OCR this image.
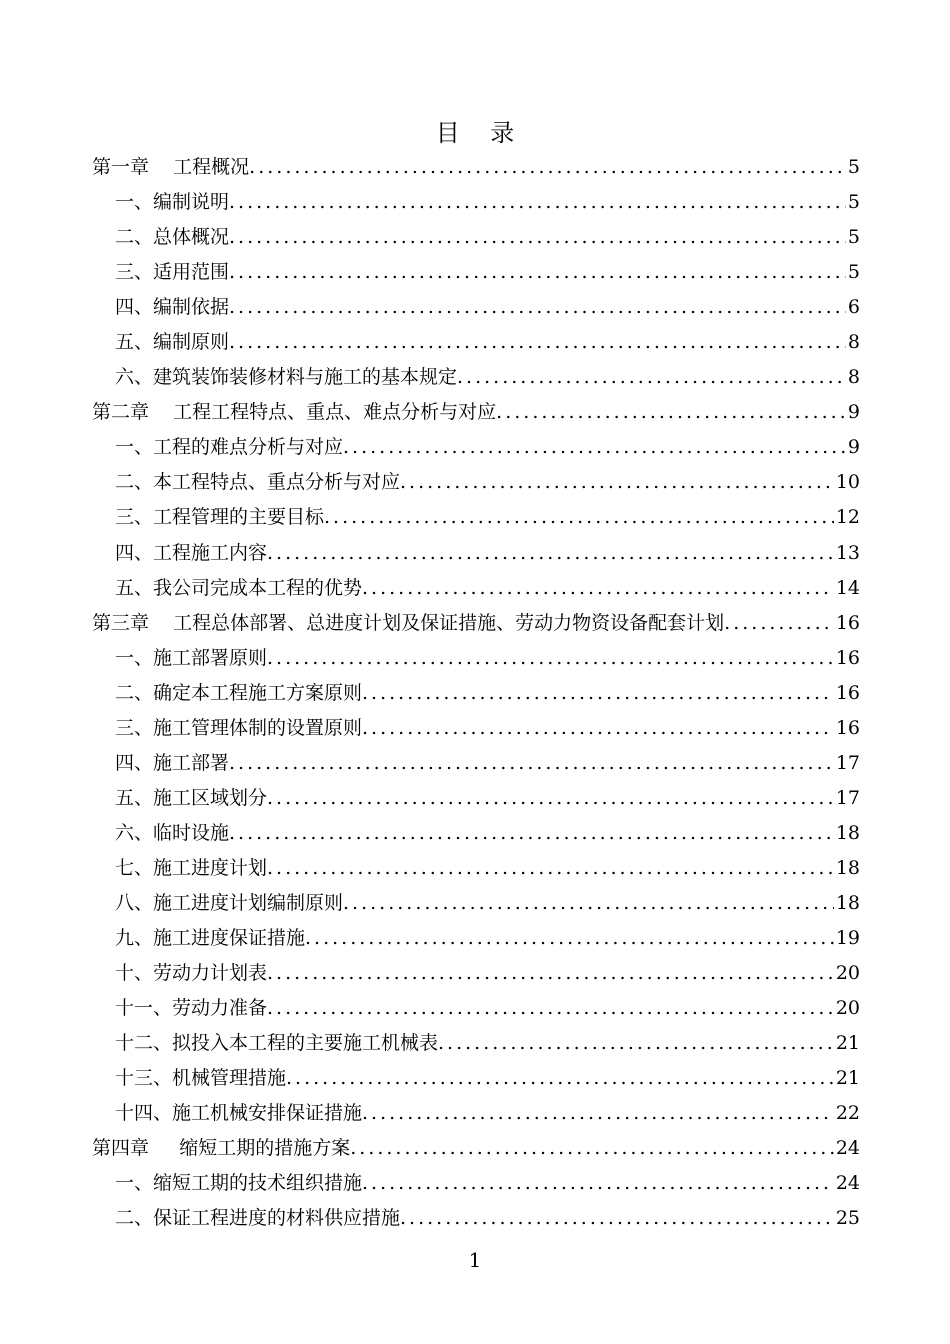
目    录
第一章    工程概况 .....	5
一、编制说明 .....	5
二、总体概况 .....	5
三、适用范围 .....	5
四、编制依据 .....	6
五、编制原则 .....	8
六、建筑装饰装修材料与施工的基本规定 .....	8
第二章    工程工程特点、重点、难点分析与对应 .....	9
一、工程的难点分析与对应 .....	9
二、本工程特点、重点分析与对应 .....	10
三、工程管理的主要目标 .....	12
四、工程施工内容 .....	13
五、我公司完成本工程的优势 .....	14
第三章    工程总体部署、总进度计划及保证措施、劳动力物资设备配套计划 .....	16
一、施工部署原则 .....	16
二、确定本工程施工方案原则 .....	16
三、施工管理体制的设置原则 .....	16
四、施工部署 .....	17
五、施工区域划分 .....	17
六、临时设施 .....	18
七、施工进度计划 .....	18
八、施工进度计划编制原则 .....	18
九、施工进度保证措施 .....	19
十、劳动力计划表 .....	20
十一、劳动力准备 .....	20
十二、拟投入本工程的主要施工机械表 .....	21
十三、机械管理措施 .....	21
十四、施工机械安排保证措施 .....	22
第四章     缩短工期的措施方案 .....	24
一、缩短工期的技术组织措施 .....	24
二、保证工程进度的材料供应措施 .....	25
1
